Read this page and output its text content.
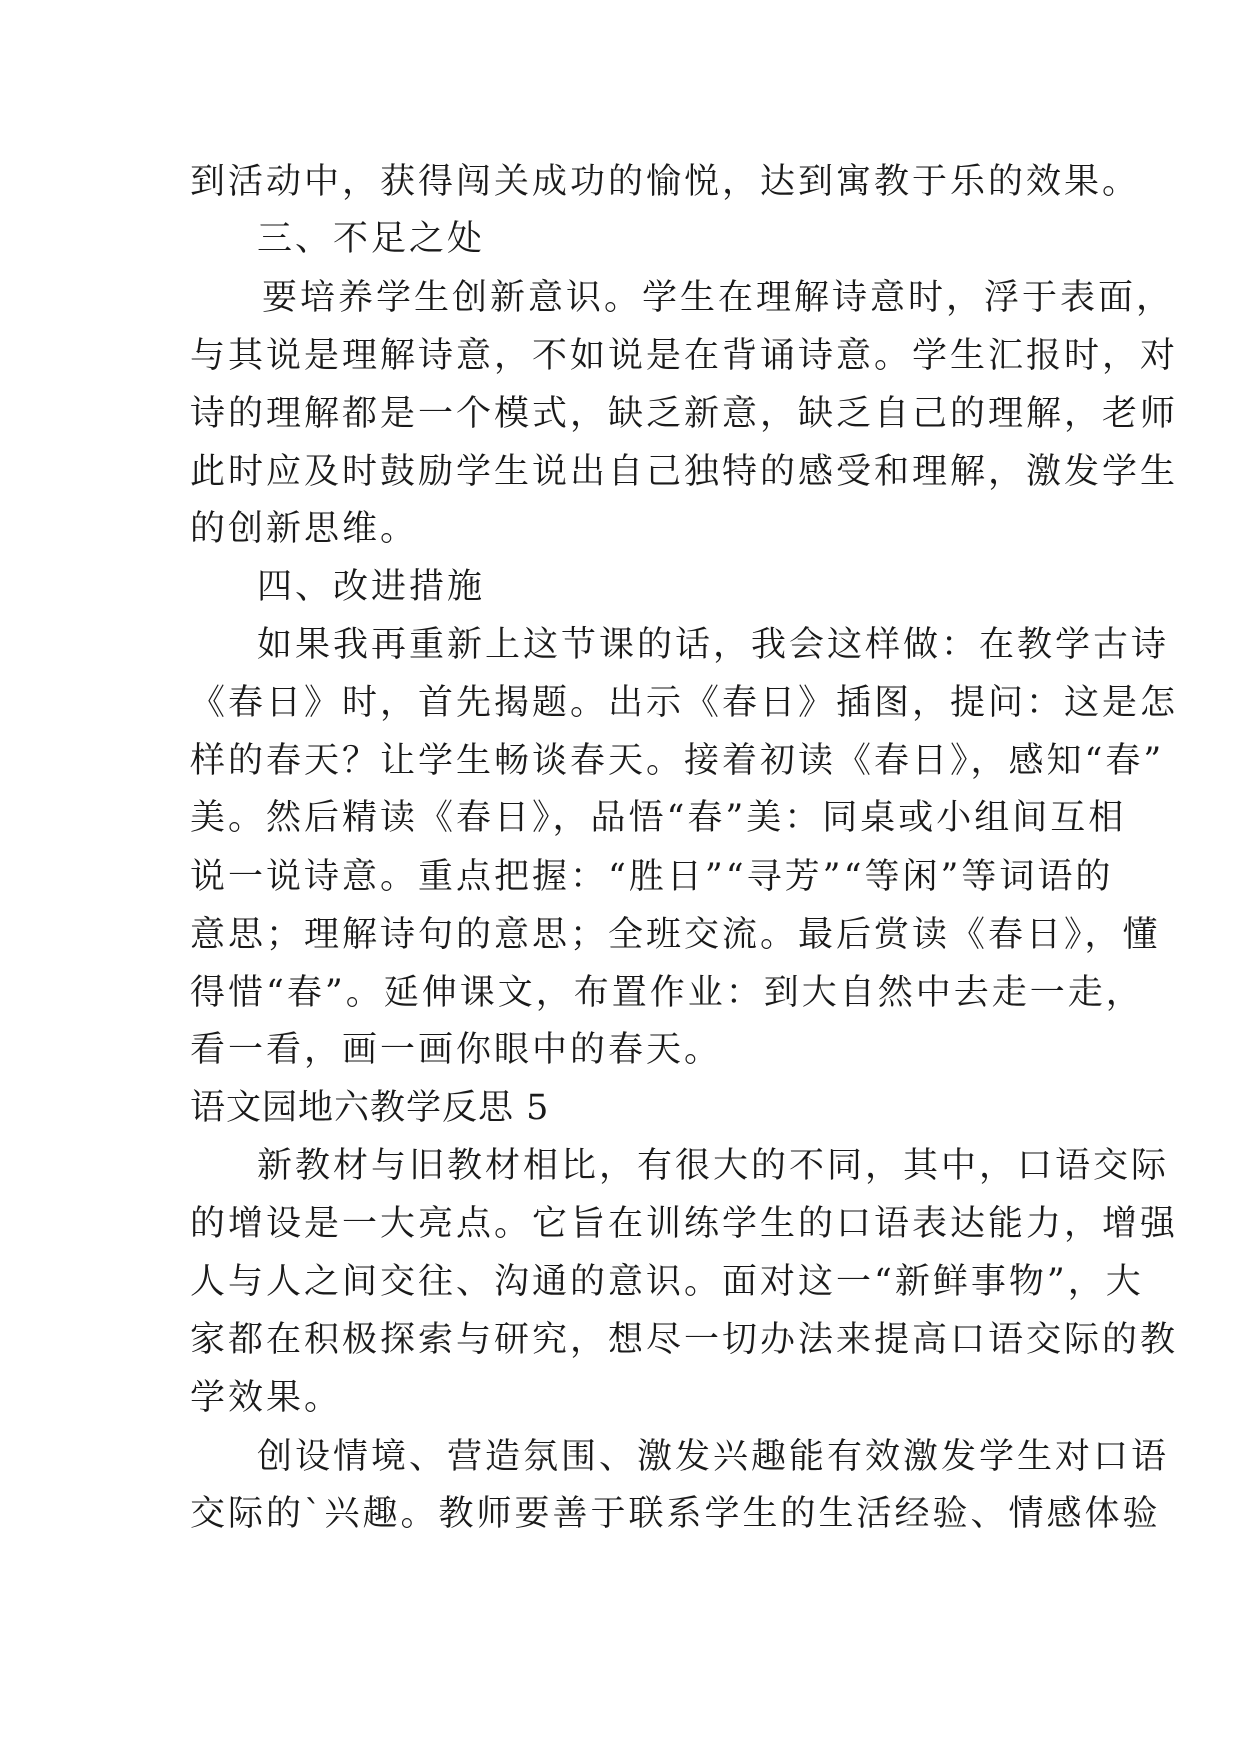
到活动中，获得闯关成功的愉悦，达到寓教于乐的效果。
三、不足之处
要培养学生创新意识。学生在理解诗意时，浮于表面，
与其说是理解诗意，不如说是在背诵诗意。学生汇报时，对
诗的理解都是一个模式，缺乏新意，缺乏自己的理解，老师
此时应及时鼓励学生说出自己独特的感受和理解，激发学生
的创新思维。
四、改进措施
如果我再重新上这节课的话，我会这样做：在教学古诗
《春日》时，首先揭题。出示《春日》插图，提问：这是怎
样的春天？让学生畅谈春天。接着初读《春日》，感知“春”
美。然后精读《春日》，品悟“春”美：同桌或小组间互相
说一说诗意。重点把握：“胜日”“寻芳”“等闲”等词语的
意思；理解诗句的意思；全班交流。最后赏读《春日》，懂
得惜“春”。延伸课文，布置作业：到大自然中去走一走，
看一看，画一画你眼中的春天。
语文园地六教学反思 5
新教材与旧教材相比，有很大的不同，其中，口语交际
的增设是一大亮点。它旨在训练学生的口语表达能力，增强
人与人之间交往、沟通的意识。面对这一“新鲜事物”，大
家都在积极探索与研究，想尽一切办法来提高口语交际的教
学效果。
创设情境、营造氛围、激发兴趣能有效激发学生对口语
交际的`兴趣。教师要善于联系学生的生活经验、情感体验
